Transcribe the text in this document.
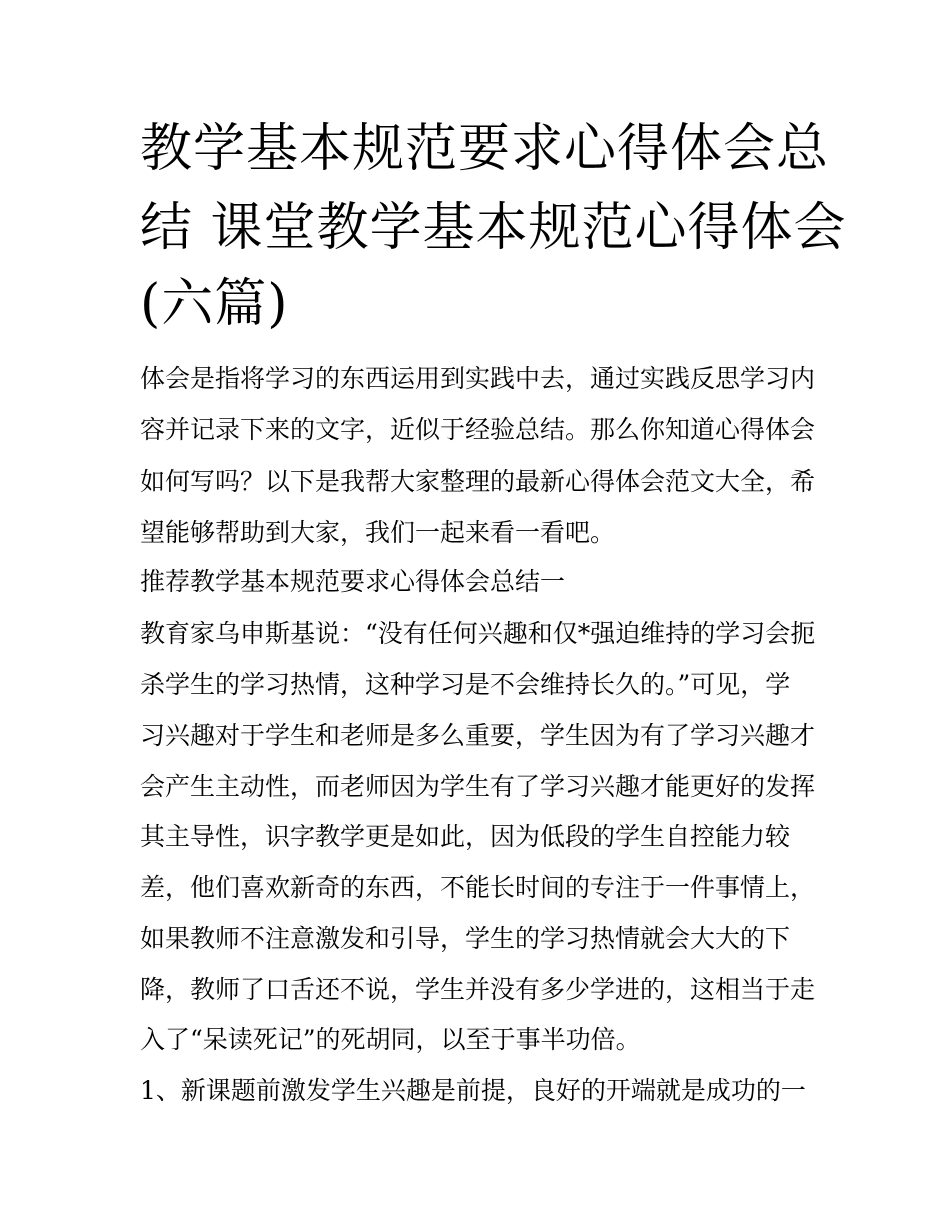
教学基本规范要求心得体会总
结 课堂教学基本规范心得体会
(六篇)

体会是指将学习的东西运用到实践中去，通过实践反思学习内

容并记录下来的文字，近似于经验总结。那么你知道心得体会

如何写吗？以下是我帮大家整理的最新心得体会范文大全，希

望能够帮助到大家，我们一起来看一看吧。

推荐教学基本规范要求心得体会总结一

教育家乌申斯基说：“没有任何兴趣和仅*强迫维持的学习会扼

杀学生的学习热情，这种学习是不会维持长久的。”可见，学

习兴趣对于学生和老师是多么重要，学生因为有了学习兴趣才

会产生主动性，而老师因为学生有了学习兴趣才能更好的发挥

其主导性，识字教学更是如此，因为低段的学生自控能力较

差，他们喜欢新奇的东西，不能长时间的专注于一件事情上，

如果教师不注意激发和引导，学生的学习热情就会大大的下

降，教师了口舌还不说，学生并没有多少学进的，这相当于走

入了“呆读死记”的死胡同，以至于事半功倍。

1、新课题前激发学生兴趣是前提，良好的开端就是成功的一
